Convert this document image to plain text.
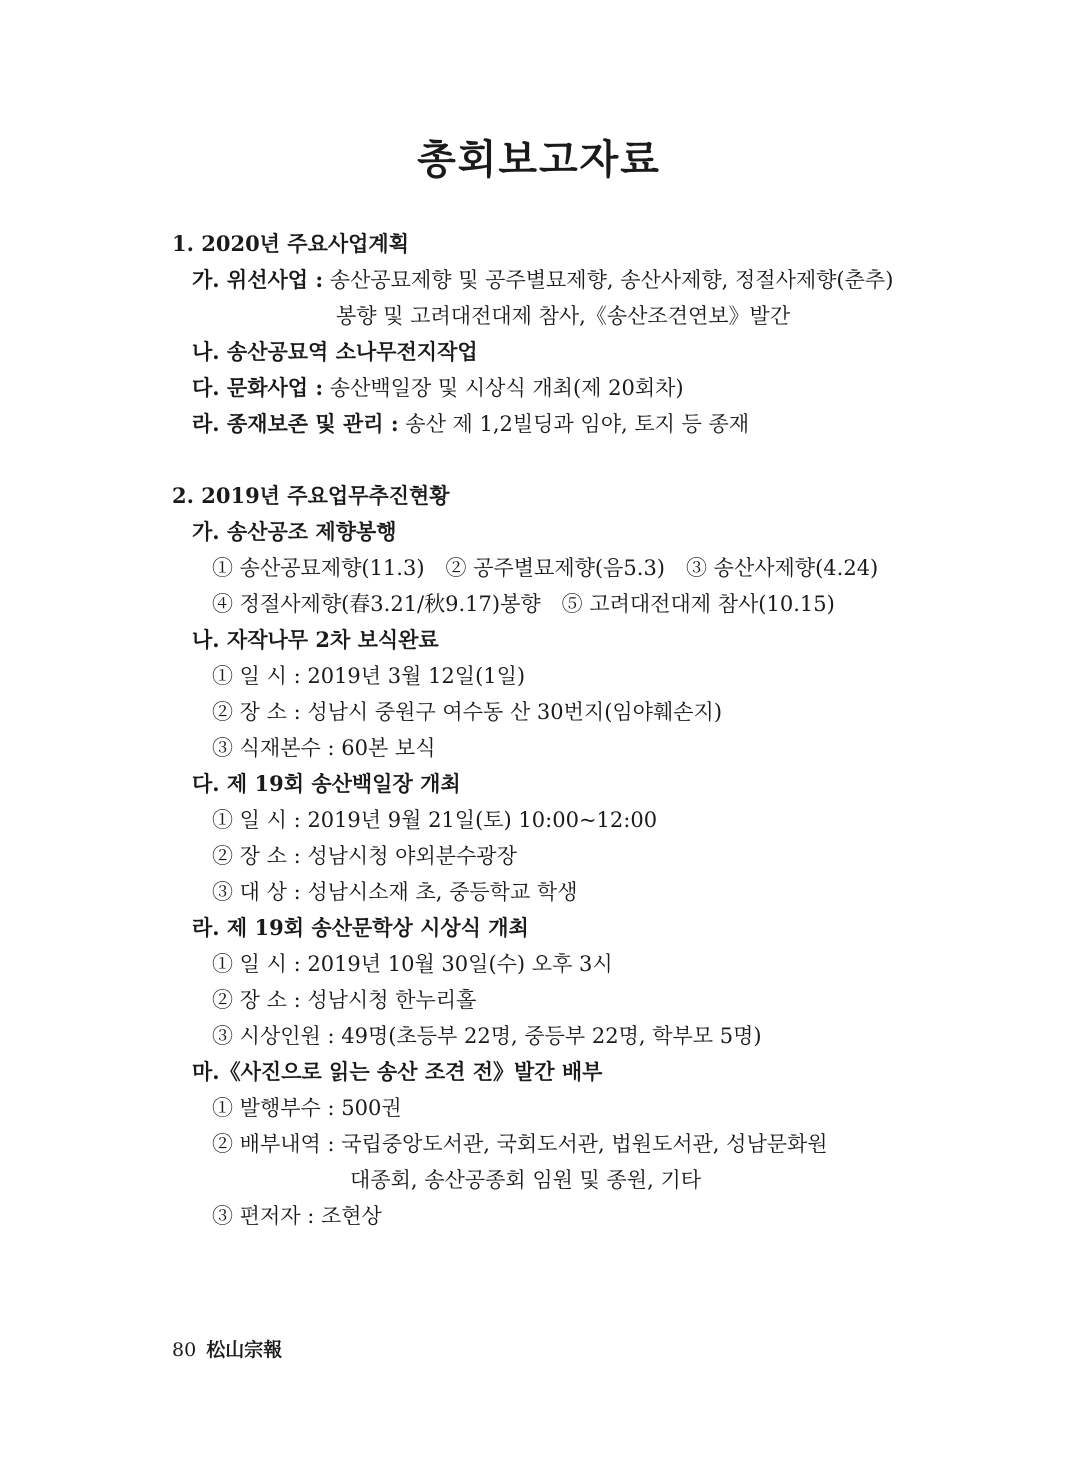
총회보고자료
1. 2020년 주요사업계획
가. 위선사업 : 송산공묘제향 및 공주별묘제향, 송산사제향, 정절사제향(춘추)
봉향 및 고려대전대제 참사,《송산조견연보》발간
나. 송산공묘역 소나무전지작업
다. 문화사업 : 송산백일장 및 시상식 개최(제 20회차)
라. 종재보존 및 관리 : 송산 제 1,2빌딩과 임야, 토지 등 종재
2. 2019년 주요업무추진현황
가. 송산공조 제향봉행
① 송산공묘제향(11.3)　② 공주별묘제향(음5.3)　③ 송산사제향(4.24)
④ 정절사제향(春3.21/秋9.17)봉향　⑤ 고려대전대제 참사(10.15)
나. 자작나무 2차 보식완료
① 일 시 : 2019년 3월 12일(1일)
② 장 소 : 성남시 중원구 여수동 산 30번지(임야훼손지)
③ 식재본수 : 60본 보식
다. 제 19회 송산백일장 개최
① 일 시 : 2019년 9월 21일(토) 10:00~12:00
② 장 소 : 성남시청 야외분수광장
③ 대 상 : 성남시소재 초, 중등학교 학생
라. 제 19회 송산문학상 시상식 개최
① 일 시 : 2019년 10월 30일(수) 오후 3시
② 장 소 : 성남시청 한누리홀
③ 시상인원 : 49명(초등부 22명, 중등부 22명, 학부모 5명)
마.《사진으로 읽는 송산 조견 전》발간 배부
① 발행부수 : 500권
② 배부내역 : 국립중앙도서관, 국회도서관, 법원도서관, 성남문화원
대종회, 송산공종회 임원 및 종원, 기타
③ 편저자 : 조현상
80 松山宗報
